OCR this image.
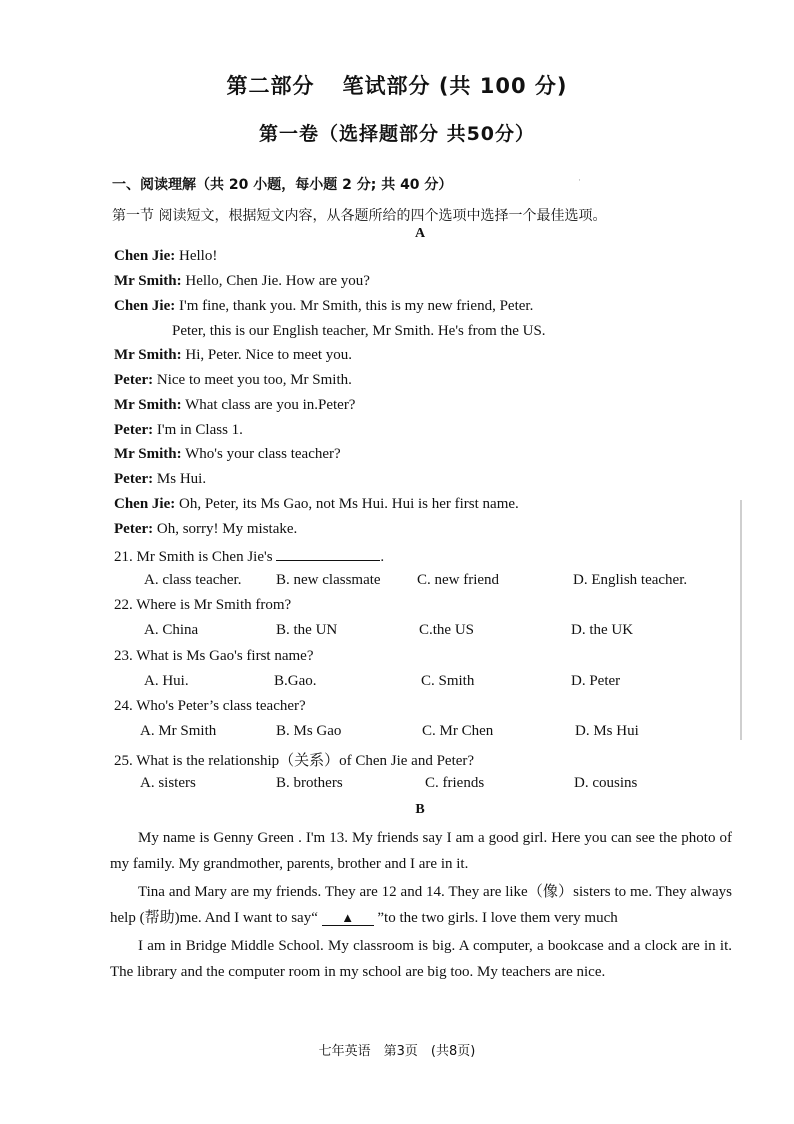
第二部分 笔试部分 (共 100 分)
第一卷（选择题部分 共50分）
一、阅读理解（共 20 小题，每小题 2 分; 共 40 分）
第一节 阅读短文，根据短文内容，从各题所给的四个选项中选择一个最佳选项。
·
A
Chen Jie: Hello!
Mr Smith: Hello, Chen Jie. How are you?
Chen Jie: I'm fine, thank you. Mr Smith, this is my new friend, Peter.
Peter, this is our English teacher, Mr Smith. He's from the US.
Mr Smith: Hi, Peter. Nice to meet you.
Peter: Nice to meet you too, Mr Smith.
Mr Smith: What class are you in.Peter?
Peter: I'm in Class 1.
Mr Smith: Who's your class teacher?
Peter: Ms Hui.
Chen Jie: Oh, Peter, its Ms Gao, not Ms Hui. Hui is her first name.
Peter: Oh, sorry! My mistake.
21. Mr Smith is Chen Jie's	.
A. class teacher. B. new classmate C. new friend	D. English teacher.
22. Where is Mr Smith from?
A. China	B. the UN	C.the US	D. the UK
23. What is Ms Gao's first name?
A. Hui.	B.Gao.	C. Smith	D. Peter
24. Who's Peter’s class teacher?
A. Mr Smith	B. Ms Gao	C. Mr Chen	D. Ms Hui
25. What is the relationship（关系）of Chen Jie and Peter?
A. sisters	B. brothers	C. friends	D. cousins
B
My name is Genny Green . I'm 13. My friends say I am a good girl. Here you can see the photo of my family. My grandmother, parents, brother and I are in it.
Tina and Mary are my friends. They are 12 and 14. They are like（像）sisters to me. They always help (帮助)me. And I want to say“ ▲ ”to the two girls. I love them very much
I am in Bridge Middle School. My classroom is big. A computer, a bookcase and a clock are in it. The library and the computer room in my school are big too. My teachers are nice.
七年英语　第3页　(共8页)
